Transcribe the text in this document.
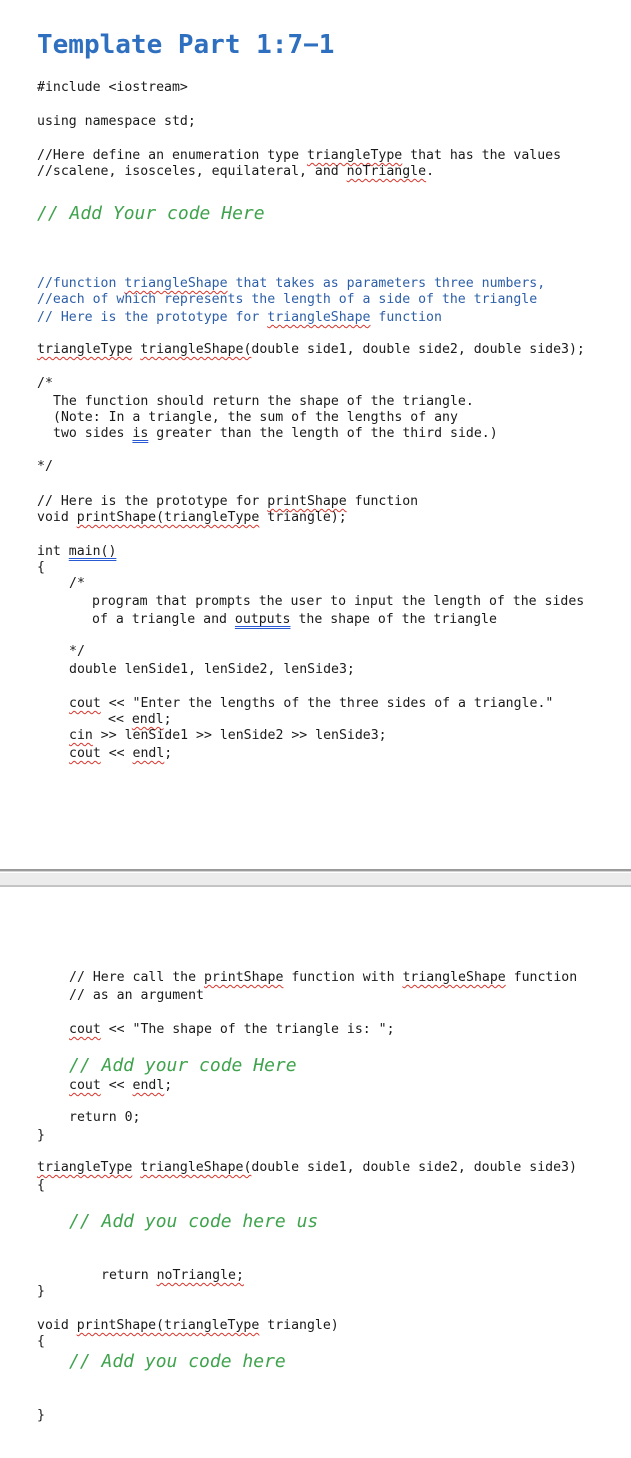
Template Part 1:7−1
#include <iostream>
using namespace std;
//Here define an enumeration type triangleType that has the values
//scalene, isosceles, equilateral, and noTriangle.
// Add Your code Here
//function triangleShape that takes as parameters three numbers,
//each of which represents the length of a side of the triangle
// Here is the prototype for triangleShape function
triangleType triangleShape(double side1, double side2, double side3);
/*
The function should return the shape of the triangle.
(Note: In a triangle, the sum of the lengths of any
two sides is greater than the length of the third side.)
*/
// Here is the prototype for printShape function
void printShape(triangleType triangle);
int main()
{
/*
program that prompts the user to input the length of the sides
of a triangle and outputs the shape of the triangle
*/
double lenSide1, lenSide2, lenSide3;
cout << "Enter the lengths of the three sides of a triangle."
<< endl;
cin >> lenSide1 >> lenSide2 >> lenSide3;
cout << endl;
// Here call the printShape function with triangleShape function
// as an argument
cout << "The shape of the triangle is: ";
// Add your code Here
cout << endl;
return 0;
}
triangleType triangleShape(double side1, double side2, double side3)
{
// Add you code here us
return noTriangle;
}
void printShape(triangleType triangle)
{
// Add you code here
}
